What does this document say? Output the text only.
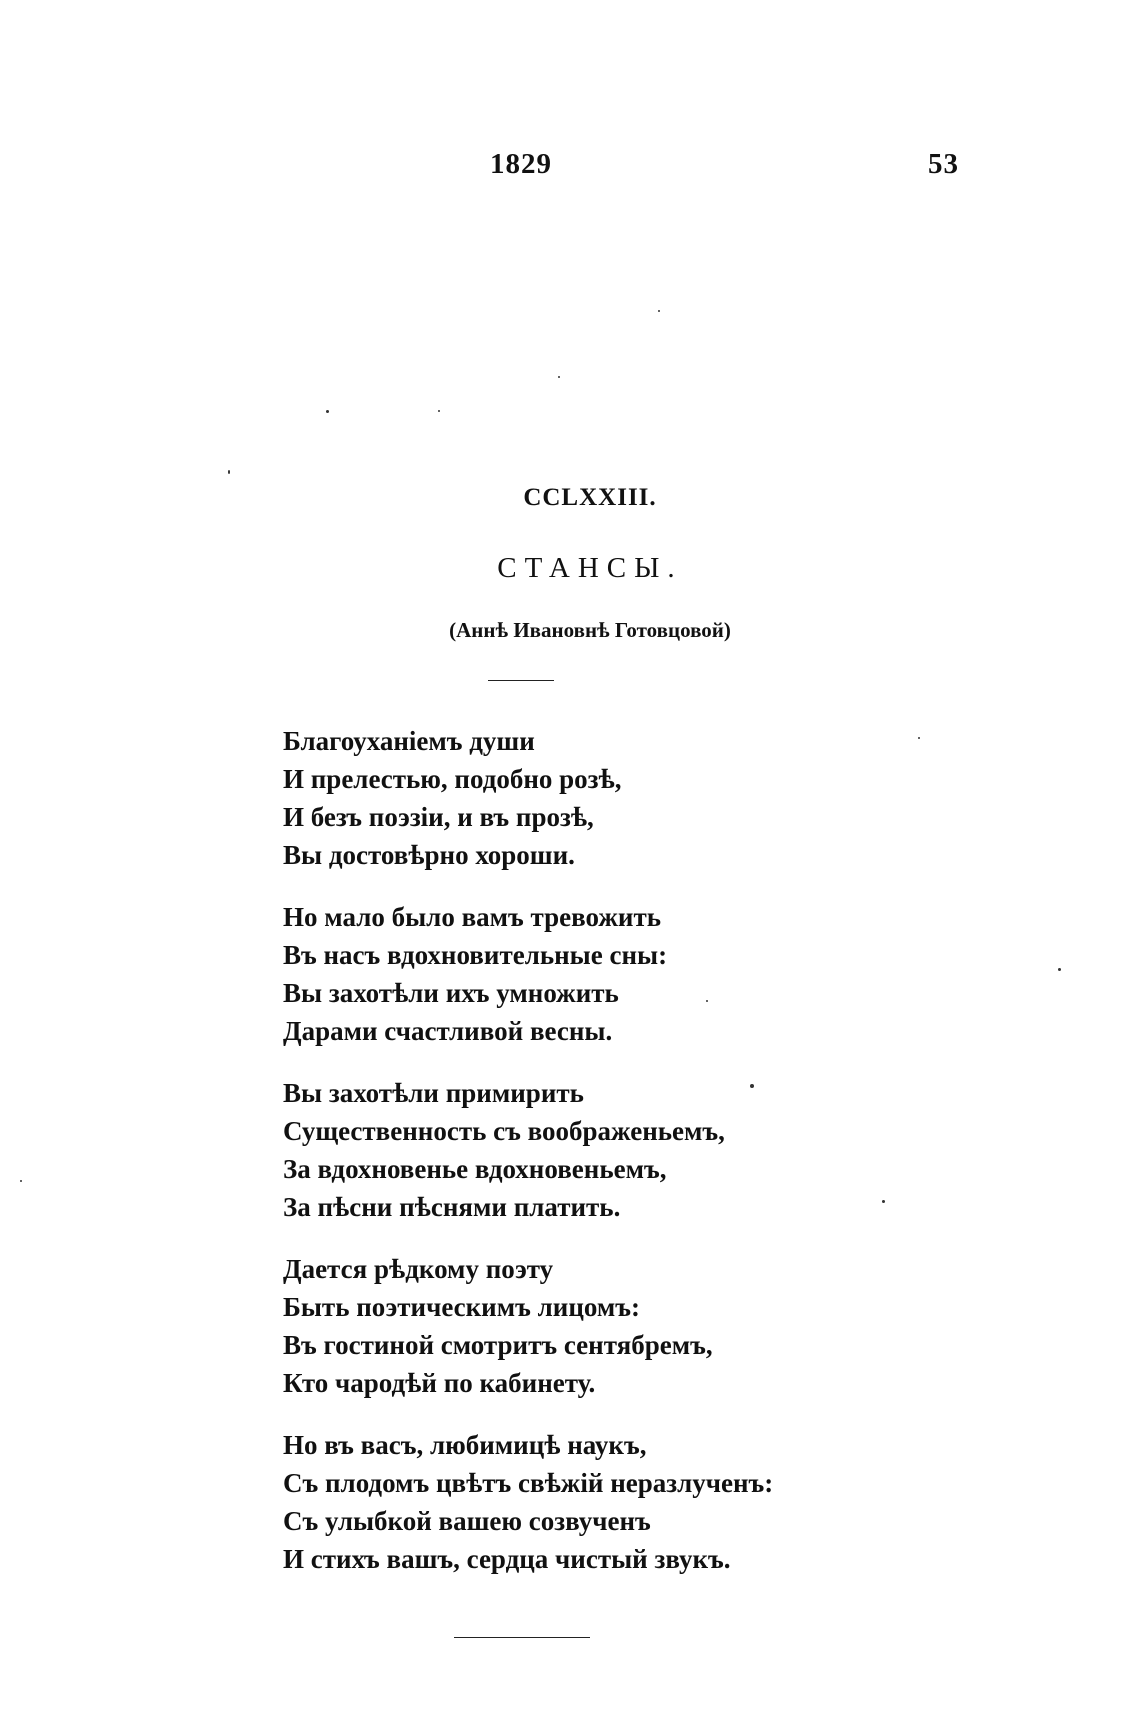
1829	53
CCLXXIII.
СТАНСЫ.
(Аннѣ Ивановнѣ Готовцовой)
Благоуханіемъ души
И прелестью, подобно розѣ,
И безъ поэзіи, и въ прозѣ,
Вы достовѣрно хороши.
Но мало было вамъ тревожить
Въ насъ вдохновительные сны:
Вы захотѣли ихъ умножить
Дарами счастливой весны.
Вы захотѣли примирить
Существенность съ воображеньемъ,
За вдохновенье вдохновеньемъ,
За пѣсни пѣснями платить.
Дается рѣдкому поэту
Быть поэтическимъ лицомъ:
Въ гостиной смотритъ сентябремъ,
Кто чародѣй по кабинету.
Но въ васъ, любимицѣ наукъ,
Съ плодомъ цвѣтъ свѣжій неразлученъ:
Съ улыбкой вашею созвученъ
И стихъ вашъ, сердца чистый звукъ.
